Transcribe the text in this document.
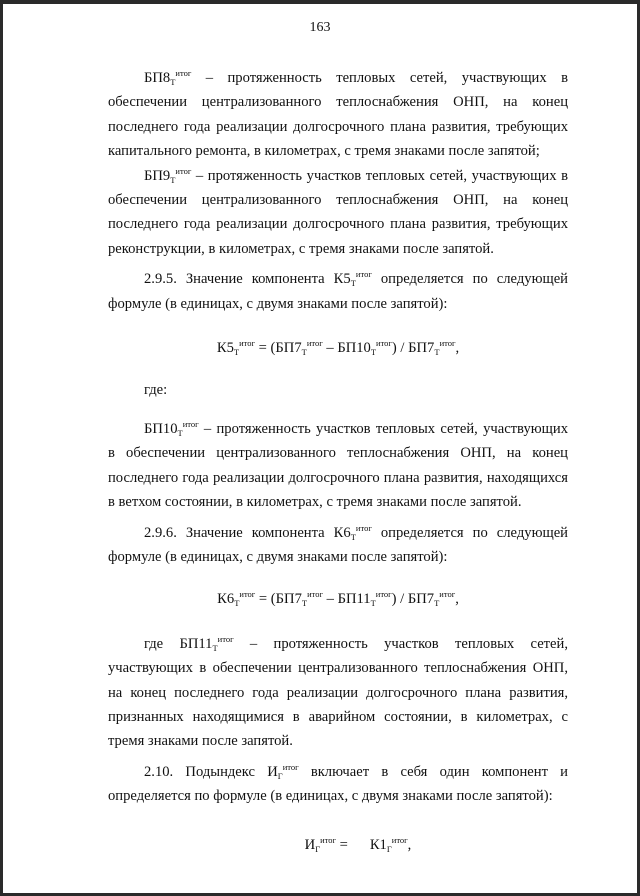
163

$БП8_Т^{итог}$ – протяженность тепловых сетей, участвующих в обеспечении централизованного теплоснабжения ОНП, на конец последнего года реализации долгосрочного плана развития, требующих капитального ремонта, в километрах, с тремя знаками после запятой;

$БП9_Т^{итог}$ – протяженность участков тепловых сетей, участвующих в обеспечении централизованного теплоснабжения ОНП, на конец последнего года реализации долгосрочного плана развития, требующих реконструкции, в километрах, с тремя знаками после запятой.

2.9.5. Значение компонента $К5_Т^{итог}$ определяется по следующей формуле (в единицах, с двумя знаками после запятой):

$К5_Т^{итог} = (БП7_Т^{итог} - БП10_Т^{итог}) / БП7_Т^{итог}$,

где:

$БП10_Т^{итог}$ – протяженность участков тепловых сетей, участвующих в обеспечении централизованного теплоснабжения ОНП, на конец последнего года реализации долгосрочного плана развития, находящихся в ветхом состоянии, в километрах, с тремя знаками после запятой.

2.9.6. Значение компонента $К6_Т^{итог}$ определяется по следующей формуле (в единицах, с двумя знаками после запятой):

$К6_Т^{итог} = (БП7_Т^{итог} - БП11_Т^{итог}) / БП7_Т^{итог}$,

где $БП11_Т^{итог}$ – протяженность участков тепловых сетей, участвующих в обеспечении централизованного теплоснабжения ОНП, на конец последнего года реализации долгосрочного плана развития, признанных находящимися в аварийном состоянии, в километрах, с тремя знаками после запятой.

2.10. Подындекс $И_Г^{итог}$ включает в себя один компонент и определяется по формуле (в единицах, с двумя знаками после запятой):

$И_Г^{итог}$ =      $К1_Г^{итог}$,
